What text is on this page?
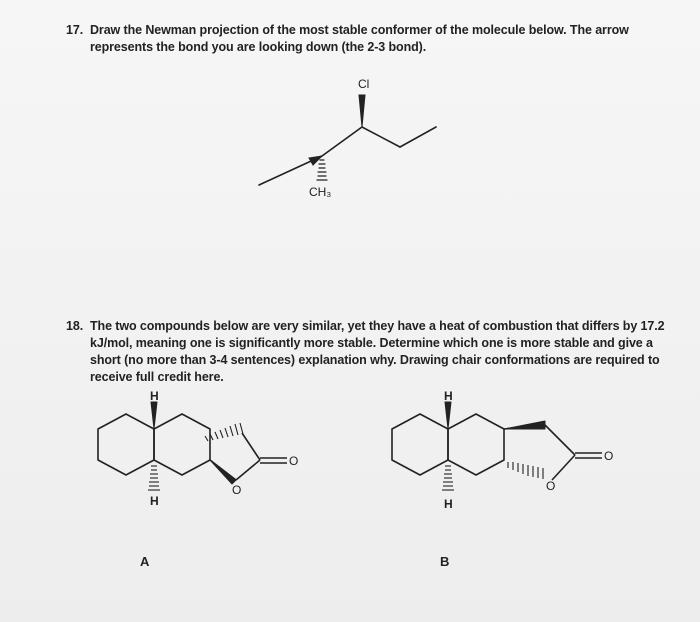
17. Draw the Newman projection of the most stable conformer of the molecule below. The arrow represents the bond you are looking down (the 2-3 bond).
Cl
CH₃
18. The two compounds below are very similar, yet they have a heat of combustion that differs by 17.2 kJ/mol, meaning one is significantly more stable. Determine which one is more stable and give a short (no more than 3-4 sentences) explanation why. Drawing chair conformations are required to receive full credit here.
H
H
O
O
A
H
H
O
O
B
